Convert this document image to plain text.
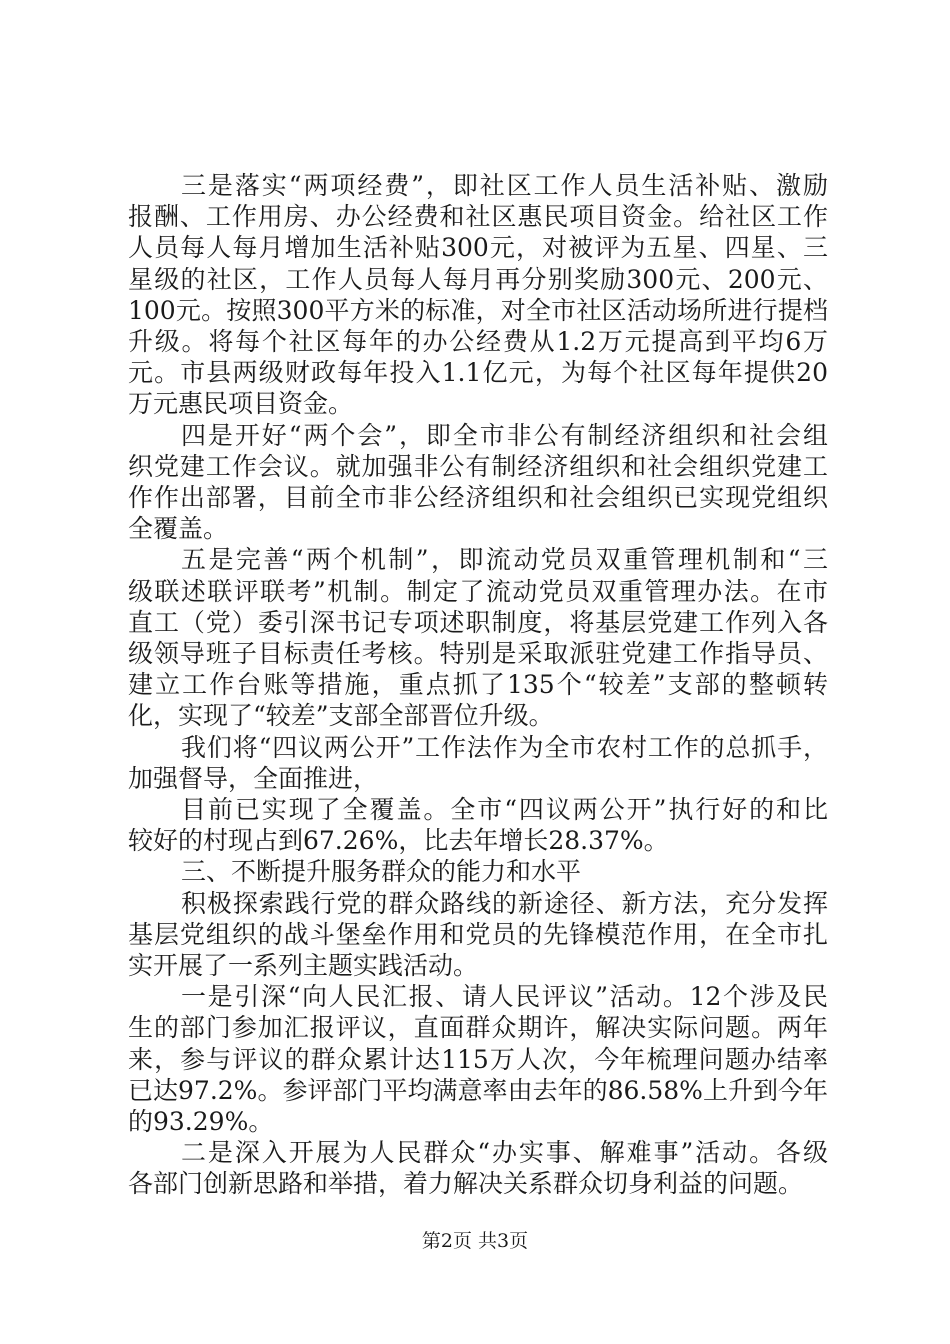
三是落实“两项经费”，即社区工作人员生活补贴、激励
报酬、工作用房、办公经费和社区惠民项目资金。给社区工作
人员每人每月增加生活补贴300元，对被评为五星、四星、三
星级的社区，工作人员每人每月再分别奖励300元、200元、
100元。按照300平方米的标准，对全市社区活动场所进行提档
升级。将每个社区每年的办公经费从1.2万元提高到平均6万
元。市县两级财政每年投入1.1亿元，为每个社区每年提供20
万元惠民项目资金。
四是开好“两个会”，即全市非公有制经济组织和社会组
织党建工作会议。就加强非公有制经济组织和社会组织党建工
作作出部署，目前全市非公经济组织和社会组织已实现党组织
全覆盖。
五是完善“两个机制”，即流动党员双重管理机制和“三
级联述联评联考”机制。制定了流动党员双重管理办法。在市
直工（党）委引深书记专项述职制度，将基层党建工作列入各
级领导班子目标责任考核。特别是采取派驻党建工作指导员、
建立工作台账等措施，重点抓了135个“较差”支部的整顿转
化，实现了“较差”支部全部晋位升级。
我们将“四议两公开”工作法作为全市农村工作的总抓手，
加强督导，全面推进，
目前已实现了全覆盖。全市“四议两公开”执行好的和比
较好的村现占到67.26%，比去年增长28.37%。
三、不断提升服务群众的能力和水平
积极探索践行党的群众路线的新途径、新方法，充分发挥
基层党组织的战斗堡垒作用和党员的先锋模范作用，在全市扎
实开展了一系列主题实践活动。
一是引深“向人民汇报、请人民评议”活动。12个涉及民
生的部门参加汇报评议，直面群众期许，解决实际问题。两年
来，参与评议的群众累计达115万人次，今年梳理问题办结率
已达97.2%。参评部门平均满意率由去年的86.58%上升到今年
的93.29%。
二是深入开展为人民群众“办实事、解难事”活动。各级
各部门创新思路和举措，着力解决关系群众切身利益的问题。
第2页 共3页
